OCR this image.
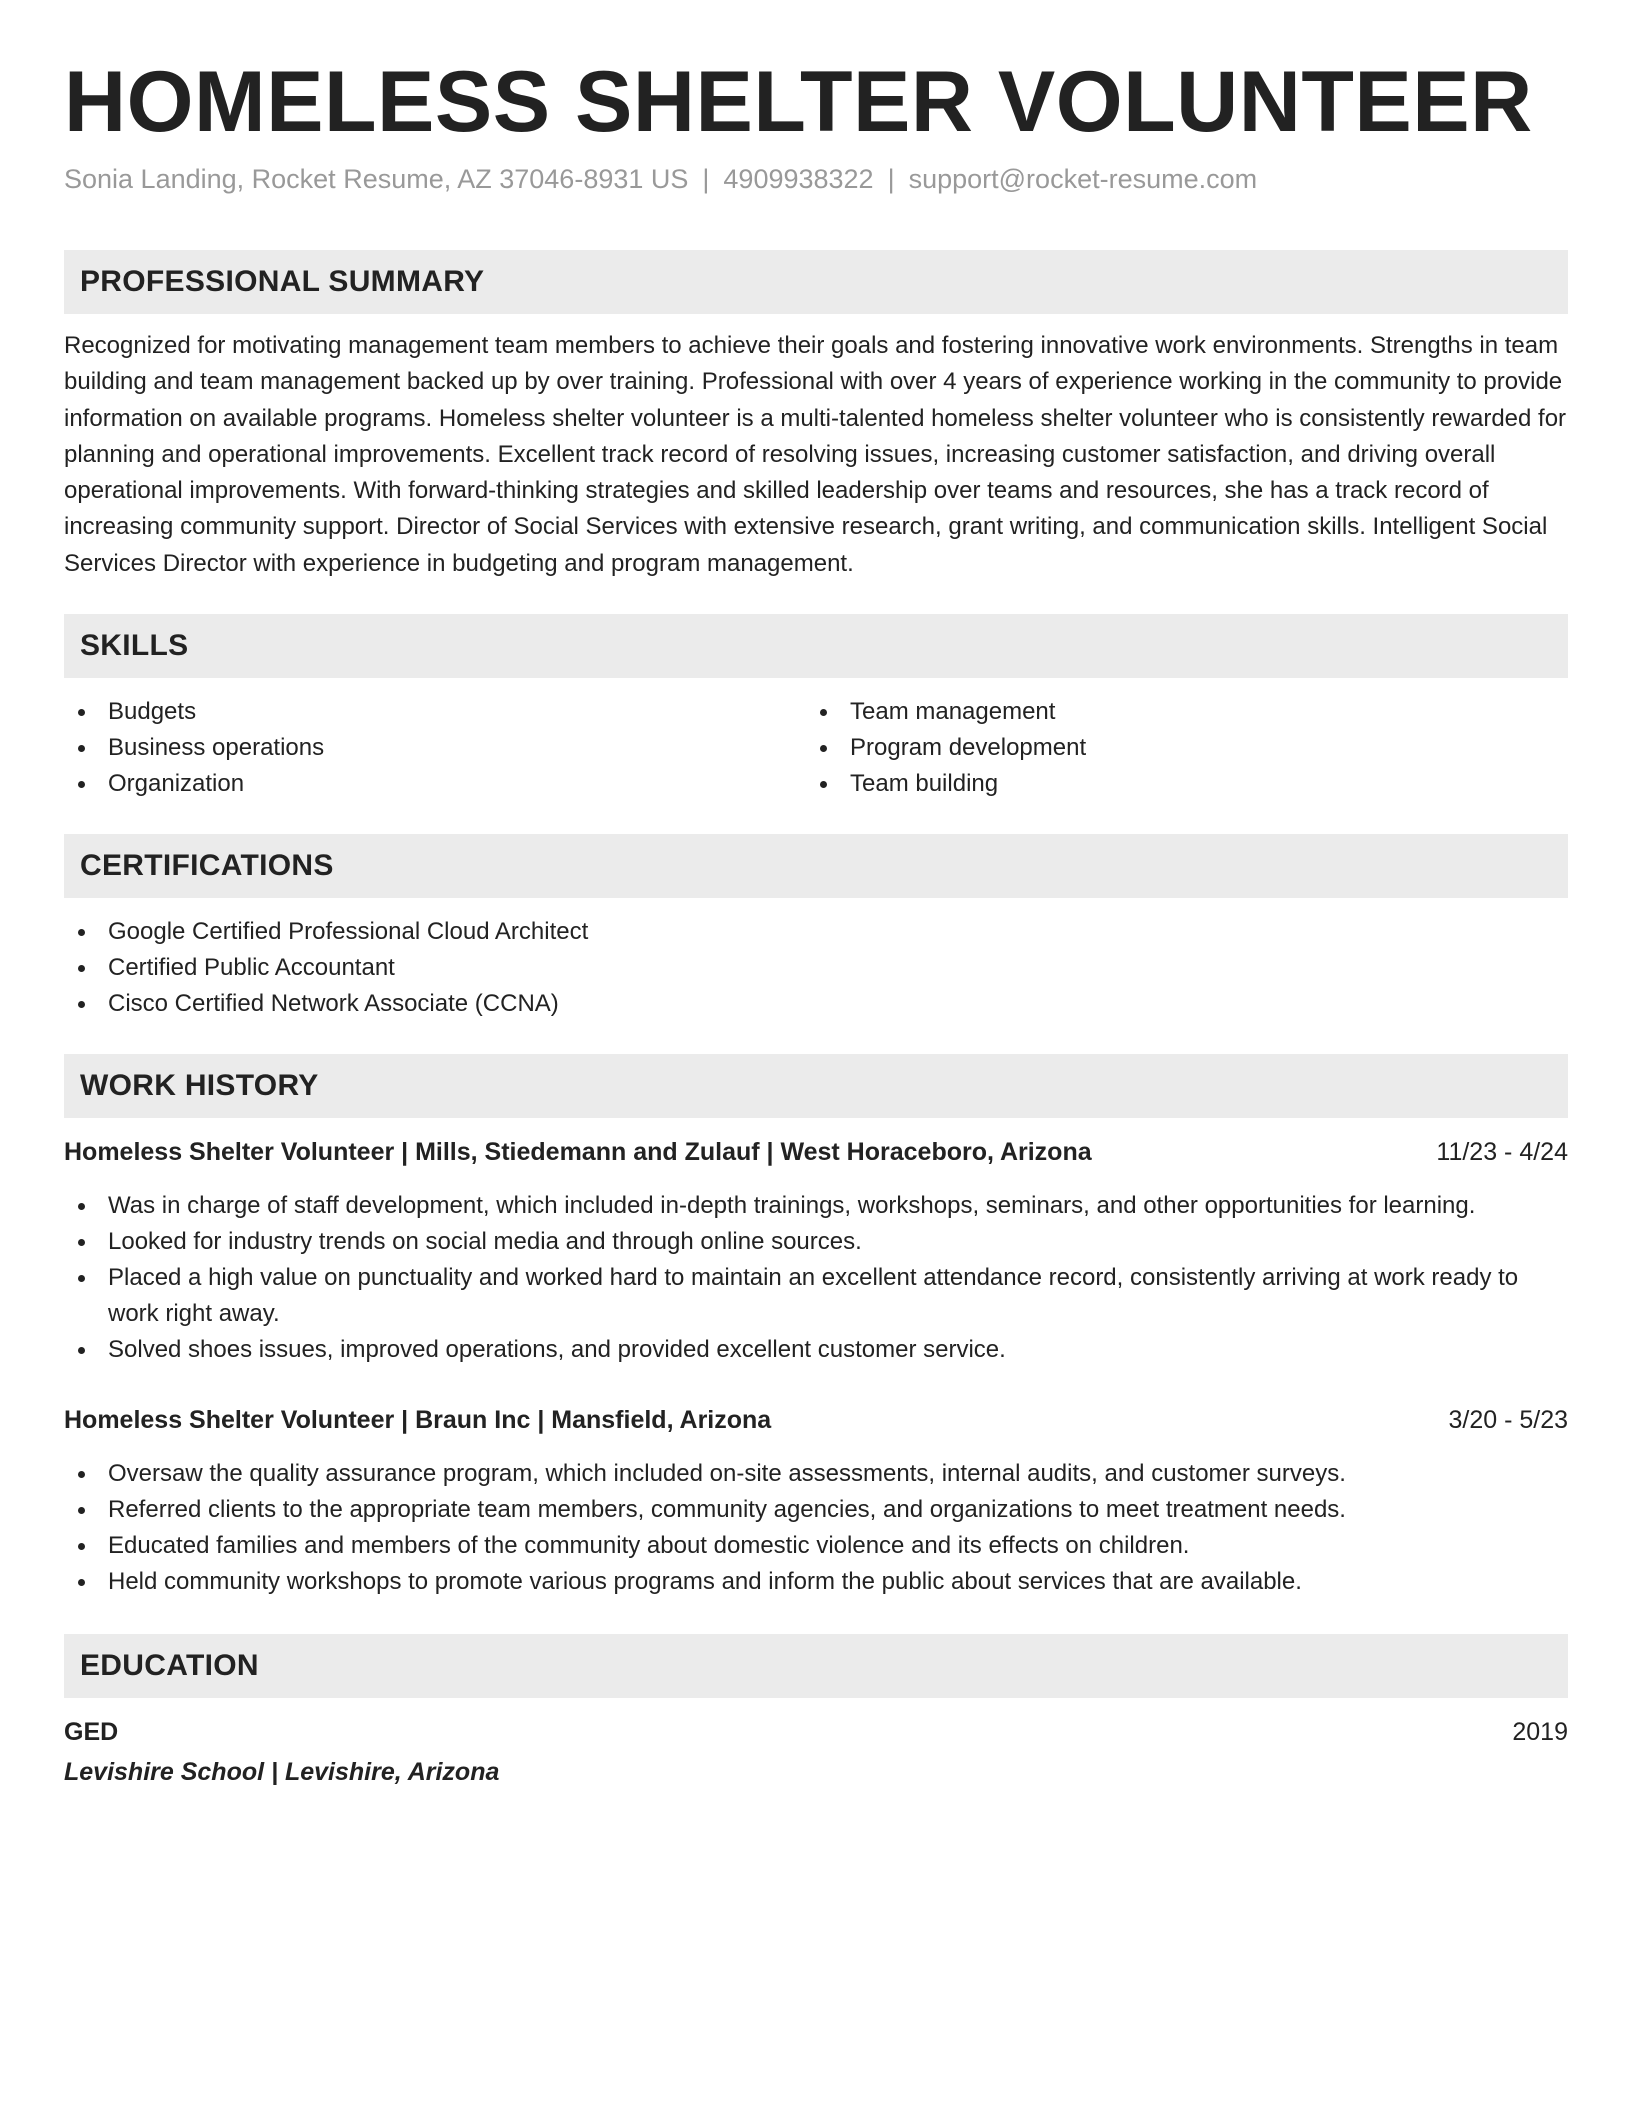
HOMELESS SHELTER VOLUNTEER
Sonia Landing, Rocket Resume, AZ 37046-8931 US | 4909938322 | support@rocket-resume.com
PROFESSIONAL SUMMARY
Recognized for motivating management team members to achieve their goals and fostering innovative work environments. Strengths in team building and team management backed up by over training. Professional with over 4 years of experience working in the community to provide information on available programs. Homeless shelter volunteer is a multi-talented homeless shelter volunteer who is consistently rewarded for planning and operational improvements. Excellent track record of resolving issues, increasing customer satisfaction, and driving overall operational improvements. With forward-thinking strategies and skilled leadership over teams and resources, she has a track record of increasing community support. Director of Social Services with extensive research, grant writing, and communication skills. Intelligent Social Services Director with experience in budgeting and program management.
SKILLS
Budgets
Business operations
Organization
Team management
Program development
Team building
CERTIFICATIONS
Google Certified Professional Cloud Architect
Certified Public Accountant
Cisco Certified Network Associate (CCNA)
WORK HISTORY
Homeless Shelter Volunteer | Mills, Stiedemann and Zulauf | West Horaceboro, Arizona	11/23 - 4/24
Was in charge of staff development, which included in-depth trainings, workshops, seminars, and other opportunities for learning.
Looked for industry trends on social media and through online sources.
Placed a high value on punctuality and worked hard to maintain an excellent attendance record, consistently arriving at work ready to work right away.
Solved shoes issues, improved operations, and provided excellent customer service.
Homeless Shelter Volunteer | Braun Inc | Mansfield, Arizona	3/20 - 5/23
Oversaw the quality assurance program, which included on-site assessments, internal audits, and customer surveys.
Referred clients to the appropriate team members, community agencies, and organizations to meet treatment needs.
Educated families and members of the community about domestic violence and its effects on children.
Held community workshops to promote various programs and inform the public about services that are available.
EDUCATION
GED	2019
Levishire School | Levishire, Arizona
